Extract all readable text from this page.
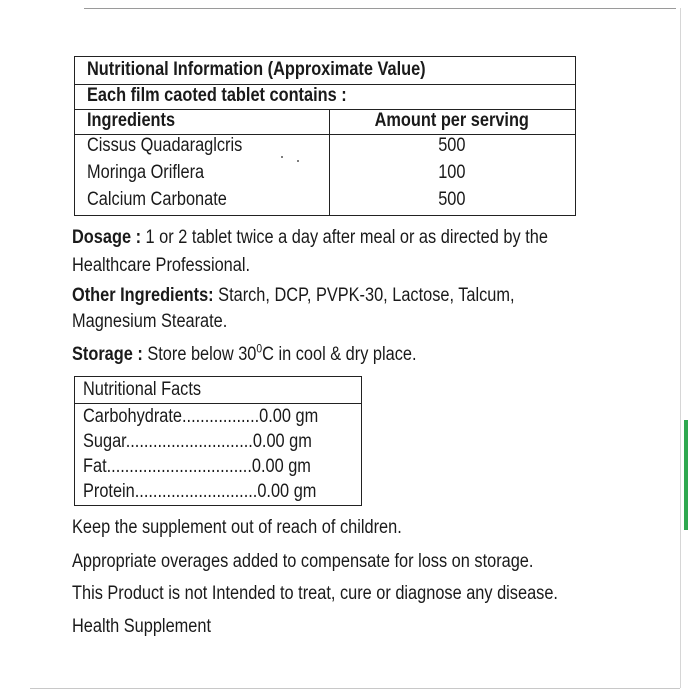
Nutritional Information (Approximate Value)
Each film caoted tablet contains :
Ingredients	Amount per serving
Cissus Quadaraglcris	500
Moringa Oriflera	100
Calcium Carbonate	500
Dosage : 1 or 2 tablet twice a day after meal or as directed by the
Healthcare Professional.
Other Ingredients: Starch, DCP, PVPK-30, Lactose, Talcum,
Magnesium Stearate.
Storage : Store below $30^0C$ in cool & dry place.
Nutritional Facts
Carbohydrate.................0.00 gm
Sugar............................0.00 gm
Fat................................0.00 gm
Protein...........................0.00 gm
Keep the supplement out of reach of children.
Appropriate overages added to compensate for loss on storage.
This Product is not Intended to treat, cure or diagnose any disease.
Health Supplement
